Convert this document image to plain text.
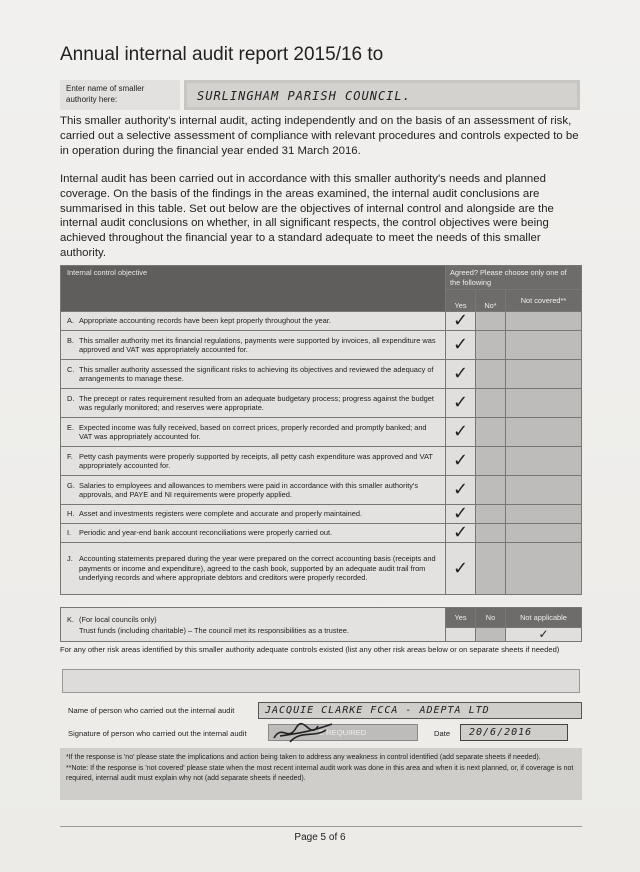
Annual internal audit report 2015/16 to
Enter name of smaller authority here:	SURLINGHAM PARISH COUNCIL.

This smaller authority's internal audit, acting independently and on the basis of an assessment of risk, carried out a selective assessment of compliance with relevant procedures and controls expected to be in operation during the financial year ended 31 March 2016.

Internal audit has been carried out in accordance with this smaller authority's needs and planned coverage. On the basis of the findings in the areas examined, the internal audit conclusions are summarised in this table. Set out below are the objectives of internal control and alongside are the internal audit conclusions on whether, in all significant respects, the control objectives were being achieved throughout the financial year to a standard adequate to meet the needs of this smaller authority.

Internal control objective	Agreed? Please choose only one of the following		
	Yes	No*	Not covered**
A. Appropriate accounting records have been kept properly throughout the year.	✓		
B. This smaller authority met its financial regulations, payments were supported by invoices, all expenditure was approved and VAT was appropriately accounted for.	✓		
C. This smaller authority assessed the significant risks to achieving its objectives and reviewed the adequacy of arrangements to manage these.	✓		
D. The precept or rates requirement resulted from an adequate budgetary process; progress against the budget was regularly monitored; and reserves were appropriate.	✓		
E. Expected income was fully received, based on correct prices, properly recorded and promptly banked; and VAT was appropriately accounted for.	✓		
F. Petty cash payments were properly supported by receipts, all petty cash expenditure was approved and VAT appropriately accounted for.	✓		
G. Salaries to employees and allowances to members were paid in accordance with this smaller authority's approvals, and PAYE and NI requirements were properly applied.	✓		
H. Asset and investments registers were complete and accurate and properly maintained.	✓		
I. Periodic and year-end bank account reconciliations were properly carried out.	✓		
J. Accounting statements prepared during the year were prepared on the correct accounting basis (receipts and payments or income and expenditure), agreed to the cash book, supported by an adequate audit trail from underlying records and where appropriate debtors and creditors were properly recorded.	✓		
K. (For local councils only)
Trust funds (including charitable) – The council met its responsibilities as a trustee.	Yes	No	Not applicable
			✓

For any other risk areas identified by this smaller authority adequate controls existed (list any other risk areas below or on separate sheets if needed)

Name of person who carried out the internal audit	JACQUIE CLARKE FCCA - ADEPTA LTD
Signature of person who carried out the internal audit	E REQUIRED	Date	20/6/2016
*If the response is 'no' please state the implications and action being taken to address any weakness in control identified (add separate sheets if needed).
**Note: If the response is 'not covered' please state when the most recent internal audit work was done in this area and when it is next planned, or, if coverage is not required, internal audit must explain why not (add separate sheets if needed).
Page 5 of 6
